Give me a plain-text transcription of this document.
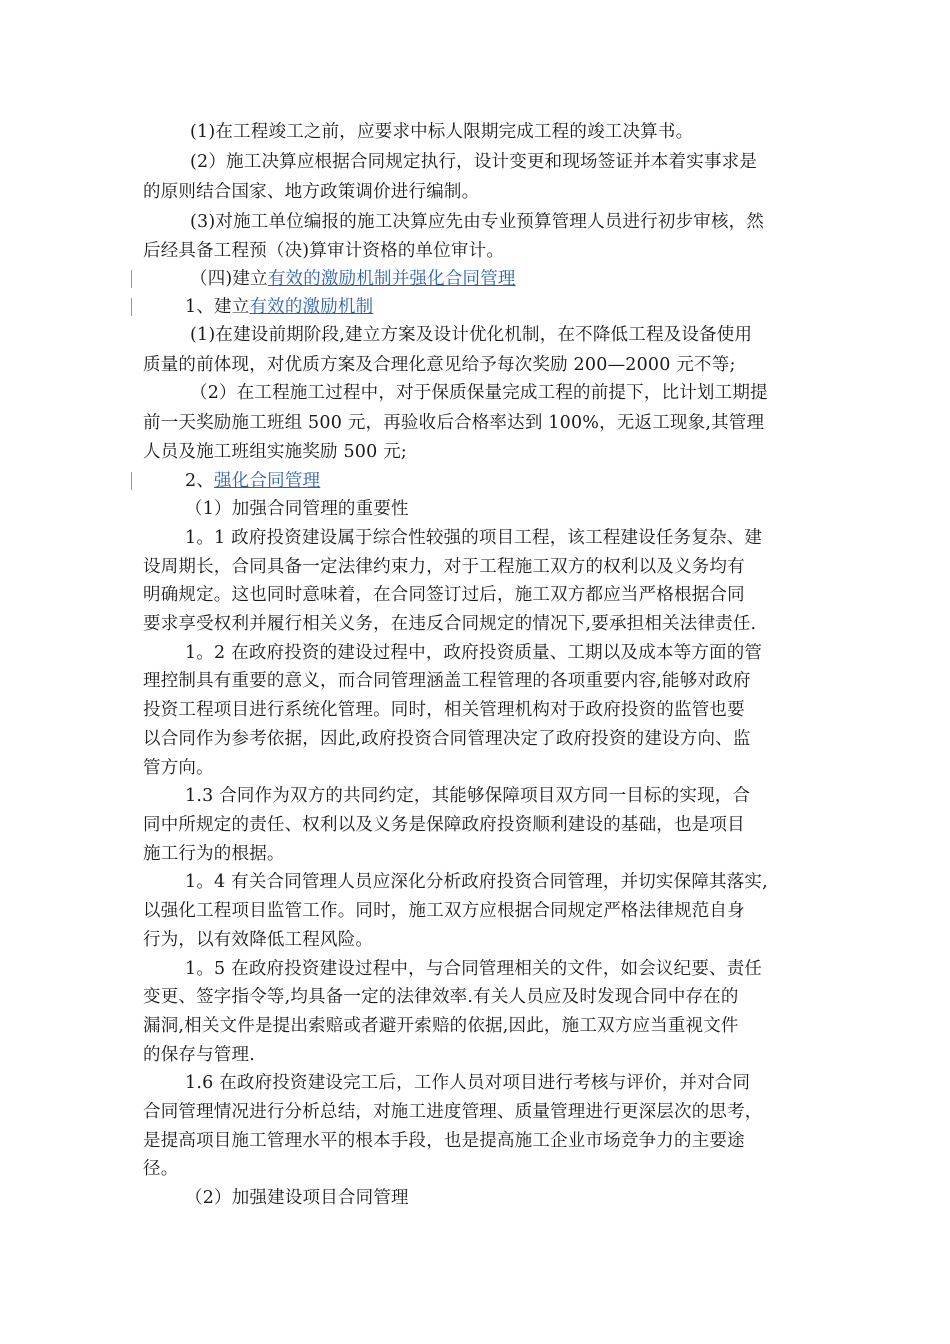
(1)在工程竣工之前，应要求中标人限期完成工程的竣工决算书。
(2）施工决算应根据合同规定执行，设计变更和现场签证并本着实事求是
的原则结合国家、地方政策调价进行编制。
(3)对施工单位编报的施工决算应先由专业预算管理人员进行初步审核，然
后经具备工程预（决)算审计资格的单位审计。
（四)建立有效的激励机制并强化合同管理
1、建立有效的激励机制
(1)在建设前期阶段,建立方案及设计优化机制，在不降低工程及设备使用
质量的前体现，对优质方案及合理化意见给予每次奖励 200—2000 元不等;
（2）在工程施工过程中，对于保质保量完成工程的前提下，比计划工期提
前一天奖励施工班组 500 元，再验收后合格率达到 100%，无返工现象,其管理
人员及施工班组实施奖励 500 元;
2、强化合同管理
（1）加强合同管理的重要性
1。1 政府投资建设属于综合性较强的项目工程，该工程建设任务复杂、建
设周期长，合同具备一定法律约束力，对于工程施工双方的权利以及义务均有
明确规定。这也同时意味着，在合同签订过后，施工双方都应当严格根据合同
要求享受权利并履行相关义务，在违反合同规定的情况下,要承担相关法律责任.
1。2 在政府投资的建设过程中，政府投资质量、工期以及成本等方面的管
理控制具有重要的意义，而合同管理涵盖工程管理的各项重要内容,能够对政府
投资工程项目进行系统化管理。同时，相关管理机构对于政府投资的监管也要
以合同作为参考依据，因此,政府投资合同管理决定了政府投资的建设方向、监
管方向。
1.3 合同作为双方的共同约定，其能够保障项目双方同一目标的实现，合
同中所规定的责任、权利以及义务是保障政府投资顺利建设的基础，也是项目
施工行为的根据。
1。4 有关合同管理人员应深化分析政府投资合同管理，并切实保障其落实,
以强化工程项目监管工作。同时，施工双方应根据合同规定严格法律规范自身
行为，以有效降低工程风险。
1。5 在政府投资建设过程中，与合同管理相关的文件，如会议纪要、责任
变更、签字指令等,均具备一定的法律效率.有关人员应及时发现合同中存在的
漏洞,相关文件是提出索赔或者避开索赔的依据,因此，施工双方应当重视文件
的保存与管理.
1.6 在政府投资建设完工后，工作人员对项目进行考核与评价，并对合同
合同管理情况进行分析总结，对施工进度管理、质量管理进行更深层次的思考，
是提高项目施工管理水平的根本手段，也是提高施工企业市场竞争力的主要途
径。
（2）加强建设项目合同管理
